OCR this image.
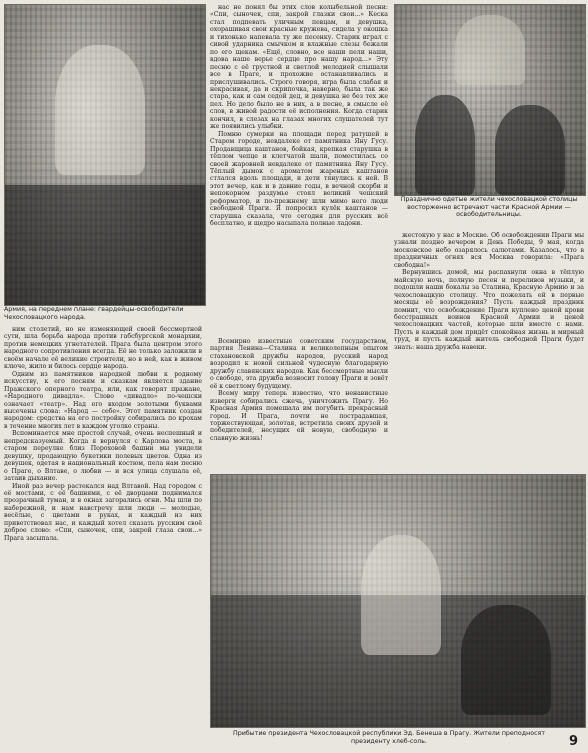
Армия, на переднем плане: гвардейцы-освободители Чехословацкого народа.

нас не понял бы этих слов колыбельной песни: «Спи, сыночек, спи, закрой глазки свои...» Кеска стал подпевать уличным певцам, и девушка, охорашивая свои красные кружева, сидела у окошка и тихонько напевала ту же песенку. Старик играл с сивой ударника смычком и влажные слезы бежали по его щекам. «Ещё, словно, все наши пели наши, вдова наше верье сердце про нашу народ...» Эту песню с её грустной и светлой мелодией слышали все в Праге, и прохожие останавливались и прислушивались. Строго говоря, игра была слабая и некрасивая, да и скрипочка, наверно, была так же стара, как и сам седой дед, и девушка не без тех же пел. Но дело было не в них, а в песне, в смысле её слов, в живой радости её исполнения. Когда старик кончил, в слезах на глазах многих слушателей тут же появились улыбки.

Помню сумерки на площади перед ратушей в Старом городе, невдалеке от памятника Яну Гусу. Продавщица каштанов, бойкая, крепкая старушка в тёплом чепце и клетчатой шали, поместилась со своей жаровней невдалеке от памятника Яну Гусу. Тёплый дымок с ароматом жареных каштанов стлался вдоль площади, и дети тянулись к ней. В этот вечер, как и в давние годы, в вечной скорби и непокорном раздумье стоял великий чешский реформатор, и по-прежнему шли мимо него люди свободной Праги. Я попросил кулёк каштанов — старушка сказала, что сегодня для русских всё бесплатно, и щедро насыпала полные ладони.

Празднично одетые жители чехословацкой столицы восторженно встречают части Красной Армии — освободительницы.

жестокую у нас в Москве. Об освобождении Праги мы узнали поздно вечером в День Победы, 9 мая, когда московское небо озарялось салютами. Казалось, что в праздничных огнях вся Москва говорила: «Прага свободна!»

Вернувшись домой, мы распахнули окна в тёплую майскую ночь, полную песен и переливов музыки, и подошли наши бокалы за Сталина, Красную Армию и за чехословацкую столицу. Что пожелать ей в первые месяцы её возрождения? Пусть каждый праздник помнит, что освобождение Праги куплено ценой крови бесстрашных воинов Красной Армии и ценой чехословацких частей, которые шли вместе с нами. Пусть в каждый дом придёт спокойная жизнь и мирный труд, и пусть каждый житель свободной Праги будет знать: наша дружба навеки.

Всемирно известные советским государством, партия Ленина—Сталина и великолепным опытом стахановской дружбы народов, русский народ возродил к новой сильной чудесную благодарную дружбу славянских народов. Как бессмертные мысли о свободе, эта дружба возносит голову Праги и зовёт её к светлому будущему.

Всему миру теперь известно, что ненавистные изверги собирались сжечь, уничтожить Прагу. Но Красная Армия помешала им погубить прекрасный город. И Прага, почти не пострадавшая, торжествующая, золотая, встретила своих друзей и победителей, несущих ей новую, свободную и славную жизнь!

ним столетий, но не изменяющей своей бессмертной сути, шла борьба народа против габсбургской монархии, против немецких угнетателей. Прага была центром этого народного сопротивления всегда. Её не только заложили в своём начале её великие строители, но в ней, как в живом ключе, жило и билось сердце народа.

Одним из памятников народной любви к родному искусству, к его песням и сказкам является здание Пражского оперного театра, или, как говорят пражане, «Народного дивадла». Слово «дивадло» по-чешски означает «театр». Над его входом золотыми буквами высечены слова: «Народ — себе». Этот памятник создан народом: средства на его постройку собирались по крохам в течение многих лет в каждом уголке страны.

Вспоминается мне простой случай, очень неспешный и непредсказуемый. Когда я вернулся с Карлова моста, в старом переулке близ Пороховой башни мы увидели девушку, продающую букетики полевых цветов. Одна из девушек, одетая в национальный костюм, пела нам песню о Праге, о Влтаве, о любви — и вся улица слушала её, затаив дыхание.

Иной раз вечер растекался над Влтавой. Над городом с её мостами, с её башнями, с её дворцами поднимался прозрачный туман, и в окнах загорались огни. Мы шли по набережной, и нам навстречу шли люди — молодые, весёлые, с цветами в руках, и каждый из них приветствовал нас, и каждый хотел сказать русским своё доброе слово: «Спи, сыночек, спи, закрой глаза свои...» Прага засыпала.

Прибытие президента Чехословацкой республики Эд. Бенеша в Прагу. Жители преподносят президенту хлеб-соль.	9
